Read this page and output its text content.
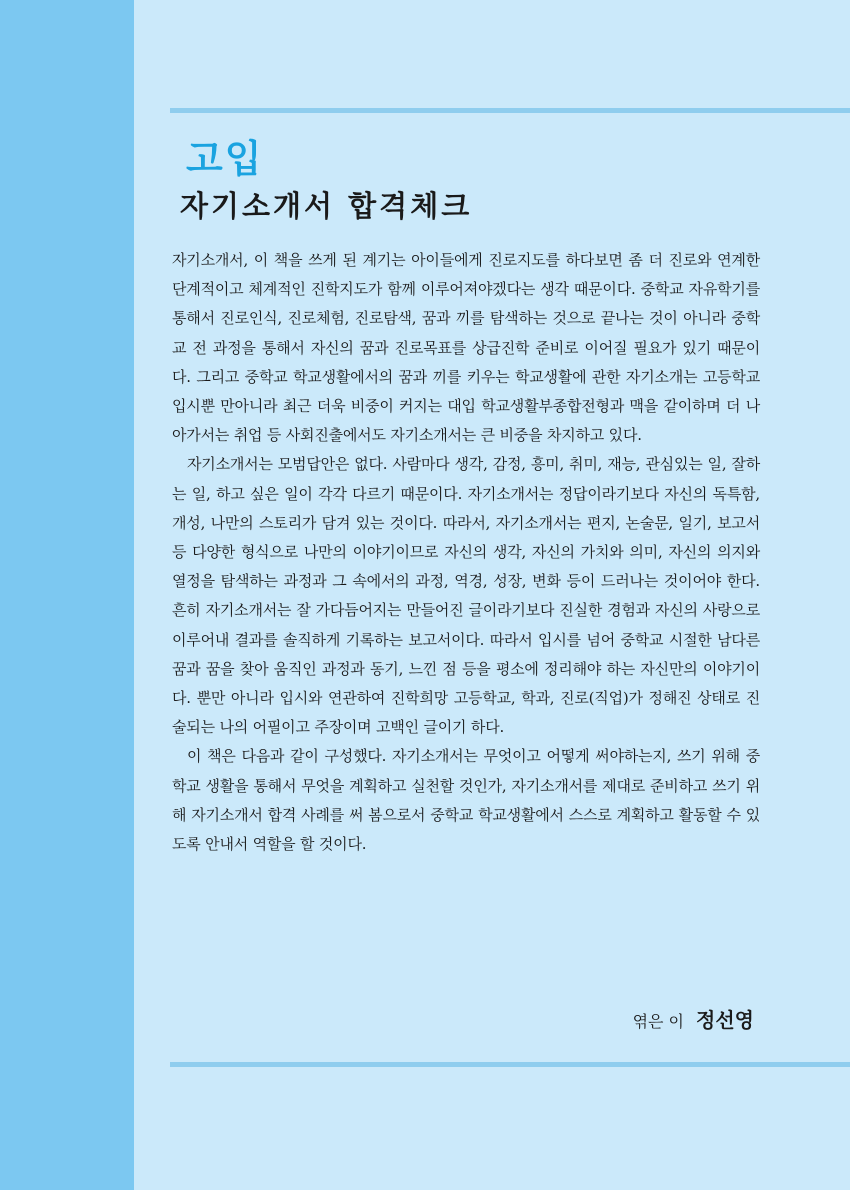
고입
자기소개서 합격체크

자기소개서, 이 책을 쓰게 된 계기는 아이들에게 진로지도를 하다보면 좀 더 진로와 연계한 단계적이고 체계적인 진학지도가 함께 이루어져야겠다는 생각 때문이다. 중학교 자유학기를 통해서 진로인식, 진로체험, 진로탐색, 꿈과 끼를 탐색하는 것으로 끝나는 것이 아니라 중학교 전 과정을 통해서 자신의 꿈과 진로목표를 상급진학 준비로 이어질 필요가 있기 때문이다. 그리고 중학교 학교생활에서의 꿈과 끼를 키우는 학교생활에 관한 자기소개는 고등학교 입시뿐 만아니라 최근 더욱 비중이 커지는 대입 학교생활부종합전형과 맥을 같이하며 더 나아가서는 취업 등 사회진출에서도 자기소개서는 큰 비중을 차지하고 있다.

자기소개서는 모범답안은 없다. 사람마다 생각, 감정, 흥미, 취미, 재능, 관심있는 일, 잘하는 일, 하고 싶은 일이 각각 다르기 때문이다. 자기소개서는 정답이라기보다 자신의 독특함, 개성, 나만의 스토리가 담겨 있는 것이다. 따라서, 자기소개서는 편지, 논술문, 일기, 보고서 등 다양한 형식으로 나만의 이야기이므로 자신의 생각, 자신의 가치와 의미, 자신의 의지와 열정을 탐색하는 과정과 그 속에서의 과정, 역경, 성장, 변화 등이 드러나는 것이어야 한다. 흔히 자기소개서는 잘 가다듬어지는 만들어진 글이라기보다 진실한 경험과 자신의 사랑으로 이루어내 결과를 솔직하게 기록하는 보고서이다. 따라서 입시를 넘어 중학교 시절한 남다른 꿈과 꿈을 찾아 움직인 과정과 동기, 느낀 점 등을 평소에 정리해야 하는 자신만의 이야기이다. 뿐만 아니라 입시와 연관하여 진학희망 고등학교, 학과, 진로(직업)가 정해진 상태로 진술되는 나의 어필이고 주장이며 고백인 글이기 하다.

이 책은 다음과 같이 구성했다. 자기소개서는 무엇이고 어떻게 써야하는지, 쓰기 위해 중학교 생활을 통해서 무엇을 계획하고 실천할 것인가, 자기소개서를 제대로 준비하고 쓰기 위해 자기소개서 합격 사례를 써 봄으로서 중학교 학교생활에서 스스로 계획하고 활동할 수 있도록 안내서 역할을 할 것이다.

엮은 이 정선영
